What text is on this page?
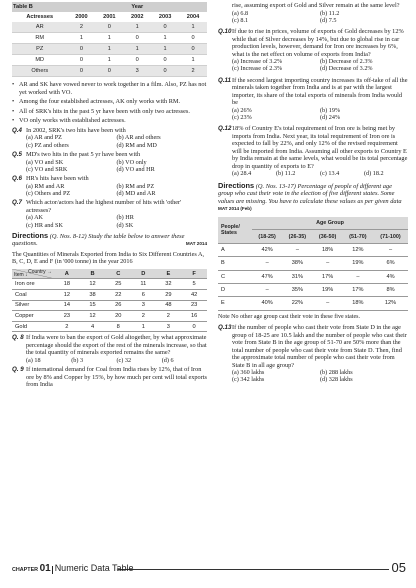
Table B	Year				
Actresses	2000	2001	2002	2003	2004
AR	2	0	1	0	1
RM	1	1	0	1	0
PZ	0	1	1	1	0
MD	0	1	0	0	1
Others	0	0	3	0	2

• AR and SK have vowed never to work together in a film. Also, PZ has not yet worked with VO.

• Among the four established actresses, AK only works with RM.

• All of SRK's hits in the past 5 yr have been with only two actresses.

• VO only works with established actresses.

Q.4 In 2002, SRK's two hits have been with

(a) AR and PZ	(b) AR and others
(c) PZ and others	(d) RM and MD

Q.5 MD's two hits in the past 5 yr have been with

(a) VO and SK	(b) VO only
(c) VO and SRK	(d) VO and HR

Q.6 HR's hits have been with

(a) RM and AR	(b) RM and PZ
(c) Others and PZ	(d) MD and AR

Q.7 Which actor/actors had the highest number of hits with 'other' actresses?

(a) AK	(b) HR
(c) HR and SK	(d) SK

Directions (Q. Nos. 8-12) Study the table below to answer these questions.	MAT 2014

The Quantities of Minerals Exported from India to Six Different Countries A, B, C, D, E and F (in '000 tonne) in the year 2016

Country →
Item ↓	A	B	C	D	E	F
Iron ore	18	12	25	11	32	5
Coal	12	38	22	6	29	42
Silver	14	15	26	3	48	23
Copper	23	12	20	2	2	16
Gold	2	4	8	1	3	0

Q. 8 If India were to ban the export of Gold altogether, by what approximate percentage should the export of the rest of the minerals increase, so that the total quantity of minerals exported remains the same?

(a) 18	(b) 3	(c) 32	(d) 6

Q. 9 If international demand for Coal from India rises by 12%, that of Iron ore by 8% and Copper by 15%, by how much per cent will total exports from India

rise, assuming export of Gold and Silver remain at the same level?

(a) 6.8	(b) 11.2
(c) 8.1	(d) 7.5

Q.10 If due to rise in prices, volume of exports of Gold decreases by 12% while that of Silver decreases by 14%, but due to global rise in car production levels, however, demand for Iron ore increases by 6%, what is the net effect on volume of exports from India?

(a) Increase of 3.2%	(b) Decrease of 2.3%
(c) Increase of 2.3%	(d) Decrease of 3.2%

Q.11 If the second largest importing country increases its off-take of all the minerals taken together from India and is at par with the largest importer, its share of the total exports of minerals from India would be

(a) 26%	(b) 19%
(c) 23%	(d) 24%

Q.12 18% of Country E's total requirement of Iron ore is being met by imports from India. Next year, its total requirement of Iron ore is expected to fall by 22%, and only 12% of the revised requirement will be imported from India. Assuming all other exports to Country E by India remain at the same levels, what would be its total percentage drop in quantity of exports to E?

(a) 28.4	(b) 11.2	(c) 13.4	(d) 18.2

Directions (Q. Nos. 13-17) Percentage of people of different age group who cast their vote in the election of five different states. Some values are missing. You have to calculate these values as per given data MAT 2014 (Feb)

People/ States	Age Group				
	(18-25)	(26-35)	(36-50)	(51-70)	(71-100)
A	42%	–	18%	12%	–
B	–	38%	–	19%	6%
C	47%	31%	17%	–	4%
D	–	35%	19%	17%	8%
E	40%	22%	–	18%	12%

Note No other age group cast their vote in these five states.

Q.13 If the number of people who cast their vote from State D in the age group of 18-25 are 10.5 lakh and the number of people who cast their vote from State B in the age group of 51-70 are 50% more than the total number of people who cast their vote from State D. Then, find the approximate total number of people who cast their vote from State B in all age group?

(a) 360 lakhs	(b) 288 lakhs
(c) 342 lakhs	(d) 328 lakhs
CHAPTER 01 Numeric Data Table	05
